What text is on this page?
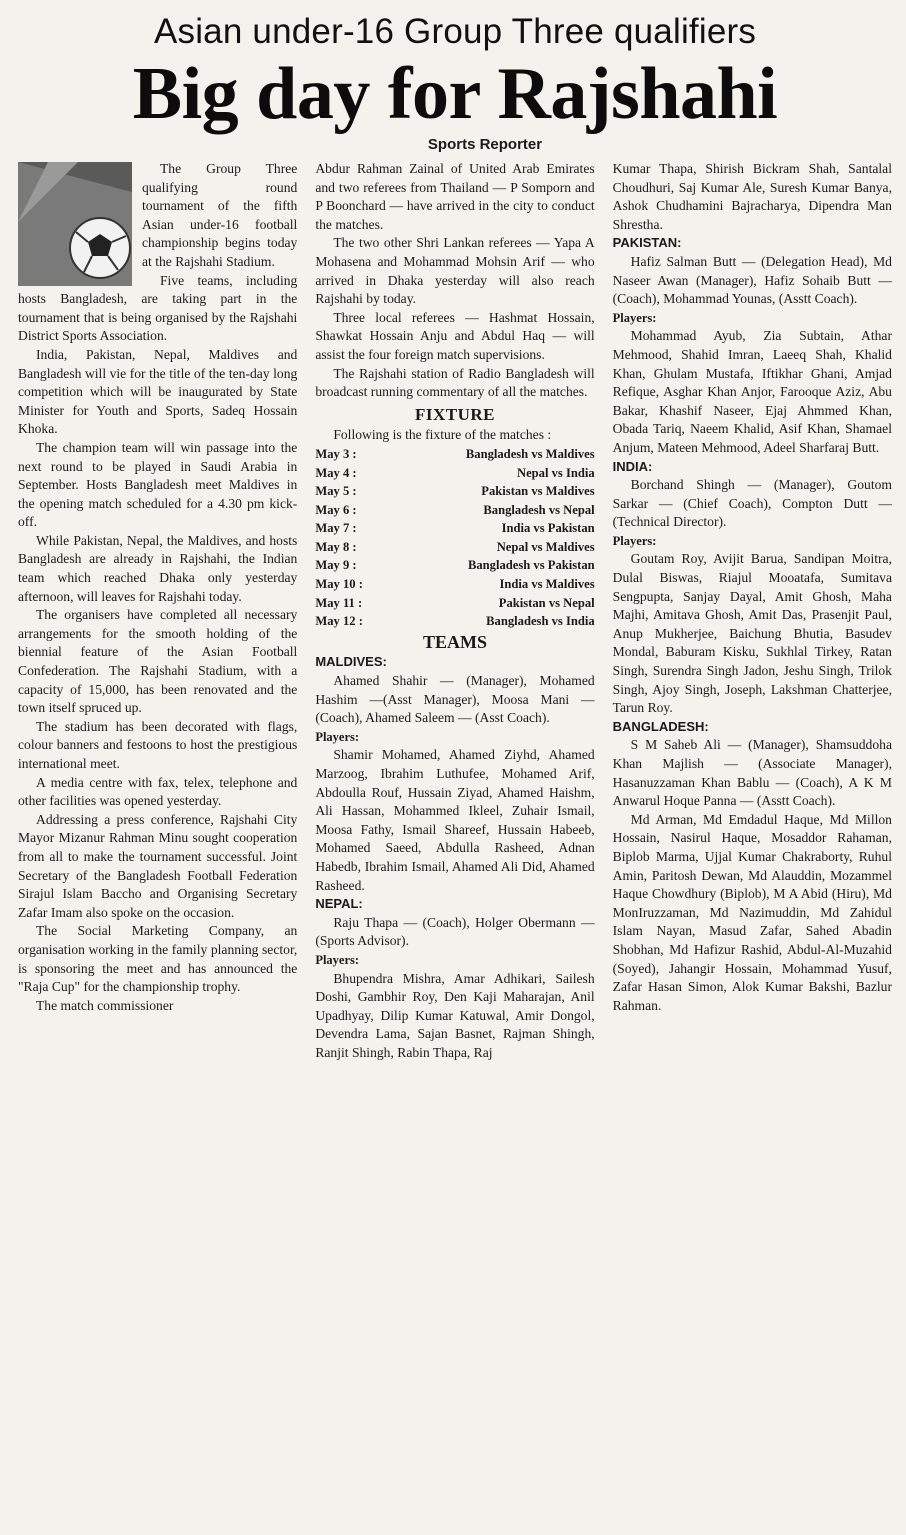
Asian under-16 Group Three qualifiers
Big day for Rajshahi
Sports Reporter

The Group Three qualifying round tournament of the fifth Asian under-16 football championship begins today at the Rajshahi Stadium.

Five teams, including hosts Bangladesh, are taking part in the tournament that is being organised by the Rajshahi District Sports Association.

India, Pakistan, Nepal, Maldives and Bangladesh will vie for the title of the ten-day long competition which will be inaugurated by State Minister for Youth and Sports, Sadeq Hossain Khoka.

The champion team will win passage into the next round to be played in Saudi Arabia in September. Hosts Bangladesh meet Maldives in the opening match scheduled for a 4.30 pm kick-off.

While Pakistan, Nepal, the Maldives, and hosts Bangladesh are already in Rajshahi, the Indian team which reached Dhaka only yesterday afternoon, will leaves for Rajshahi today.

The organisers have completed all necessary arrangements for the smooth holding of the biennial feature of the Asian Football Confederation. The Rajshahi Stadium, with a capacity of 15,000, has been renovated and the town itself spruced up.

The stadium has been decorated with flags, colour banners and festoons to host the prestigious international meet.

A media centre with fax, telex, telephone and other facilities was opened yesterday.

Addressing a press conference, Rajshahi City Mayor Mizanur Rahman Minu sought cooperation from all to make the tournament successful. Joint Secretary of the Bangladesh Football Federation Sirajul Islam Baccho and Organising Secretary Zafar Imam also spoke on the occasion.

The Social Marketing Company, an organisation working in the family planning sector, is sponsoring the meet and has announced the "Raja Cup" for the championship trophy.

The match commissioner

Abdur Rahman Zainal of United Arab Emirates and two referees from Thailand — P Somporn and P Boonchard — have arrived in the city to conduct the matches.

The two other Shri Lankan referees — Yapa A Mohasena and Mohammad Mohsin Arif — who arrived in Dhaka yesterday will also reach Rajshahi by today.

Three local referees — Hashmat Hossain, Shawkat Hossain Anju and Abdul Haq — will assist the four foreign match supervisions.

The Rajshahi station of Radio Bangladesh will broadcast running commentary of all the matches.

FIXTURE

Following is the fixture of the matches :

May 3 :	Bangladesh vs Maldives
May 4 :	Nepal vs India
May 5 :	Pakistan vs Maldives
May 6 :	Bangladesh vs Nepal
May 7 :	India vs Pakistan
May 8 :	Nepal vs Maldives
May 9 :	Bangladesh vs Pakistan
May 10 :	India vs Maldives
May 11 :	Pakistan vs Nepal
May 12 :	Bangladesh vs India
TEAMS

MALDIVES:

Ahamed Shahir — (Manager), Mohamed Hashim —(Asst Manager), Moosa Mani —(Coach), Ahamed Saleem — (Asst Coach).

Players:

Shamir Mohamed, Ahamed Ziyhd, Ahamed Marzoog, Ibrahim Luthufee, Mohamed Arif, Abdoulla Rouf, Hussain Ziyad, Ahamed Haishm, Ali Hassan, Mohammed Ikleel, Zuhair Ismail, Moosa Fathy, Ismail Shareef, Hussain Habeeb, Mohamed Saeed, Abdulla Rasheed, Adnan Habedb, Ibrahim Ismail, Ahamed Ali Did, Ahamed Rasheed.

NEPAL:

Raju Thapa — (Coach), Holger Obermann — (Sports Advisor).

Players:

Bhupendra Mishra, Amar Adhikari, Sailesh Doshi, Gambhir Roy, Den Kaji Maharajan, Anil Upadhyay, Dilip Kumar Katuwal, Amir Dongol, Devendra Lama, Sajan Basnet, Rajman Shingh, Ranjit Shingh, Rabin Thapa, Raj

Kumar Thapa, Shirish Bickram Shah, Santalal Choudhuri, Saj Kumar Ale, Suresh Kumar Banya, Ashok Chudhamini Bajracharya, Dipendra Man Shrestha.

PAKISTAN:

Hafiz Salman Butt — (Delegation Head), Md Naseer Awan (Manager), Hafiz Sohaib Butt — (Coach), Mohammad Younas, (Asstt Coach).

Players:

Mohammad Ayub, Zia Subtain, Athar Mehmood, Shahid Imran, Laeeq Shah, Khalid Khan, Ghulam Mustafa, Iftikhar Ghani, Amjad Refique, Asghar Khan Anjor, Farooque Aziz, Abu Bakar, Khashif Naseer, Ejaj Ahmmed Khan, Obada Tariq, Naeem Khalid, Asif Khan, Shamael Anjum, Mateen Mehmood, Adeel Sharfaraj Butt.

INDIA:

Borchand Shingh — (Manager), Goutom Sarkar — (Chief Coach), Compton Dutt — (Technical Director).

Players:

Goutam Roy, Avijit Barua, Sandipan Moitra, Dulal Biswas, Riajul Mooatafa, Sumitava Sengpupta, Sanjay Dayal, Amit Ghosh, Maha Majhi, Amitava Ghosh, Amit Das, Prasenjit Paul, Anup Mukherjee, Baichung Bhutia, Basudev Mondal, Baburam Kisku, Sukhlal Tirkey, Ratan Singh, Surendra Singh Jadon, Jeshu Singh, Trilok Singh, Ajoy Singh, Joseph, Lakshman Chatterjee, Tarun Roy.

BANGLADESH:

S M Saheb Ali — (Manager), Shamsuddoha Khan Majlish — (Associate Manager), Hasanuzzaman Khan Bablu — (Coach), A K M Anwarul Hoque Panna — (Asstt Coach).

Md Arman, Md Emdadul Haque, Md Millon Hossain, Nasirul Haque, Mosaddor Rahaman, Biplob Marma, Ujjal Kumar Chakraborty, Ruhul Amin, Paritosh Dewan, Md Alauddin, Mozammel Haque Chowdhury (Biplob), M A Abid (Hiru), Md MonIruzzaman, Md Nazimuddin, Md Zahidul Islam Nayan, Masud Zafar, Sahed Abadin Shobhan, Md Hafizur Rashid, Abdul-Al-Muzahid (Soyed), Jahangir Hossain, Mohammad Yusuf, Zafar Hasan Simon, Alok Kumar Bakshi, Bazlur Rahman.
